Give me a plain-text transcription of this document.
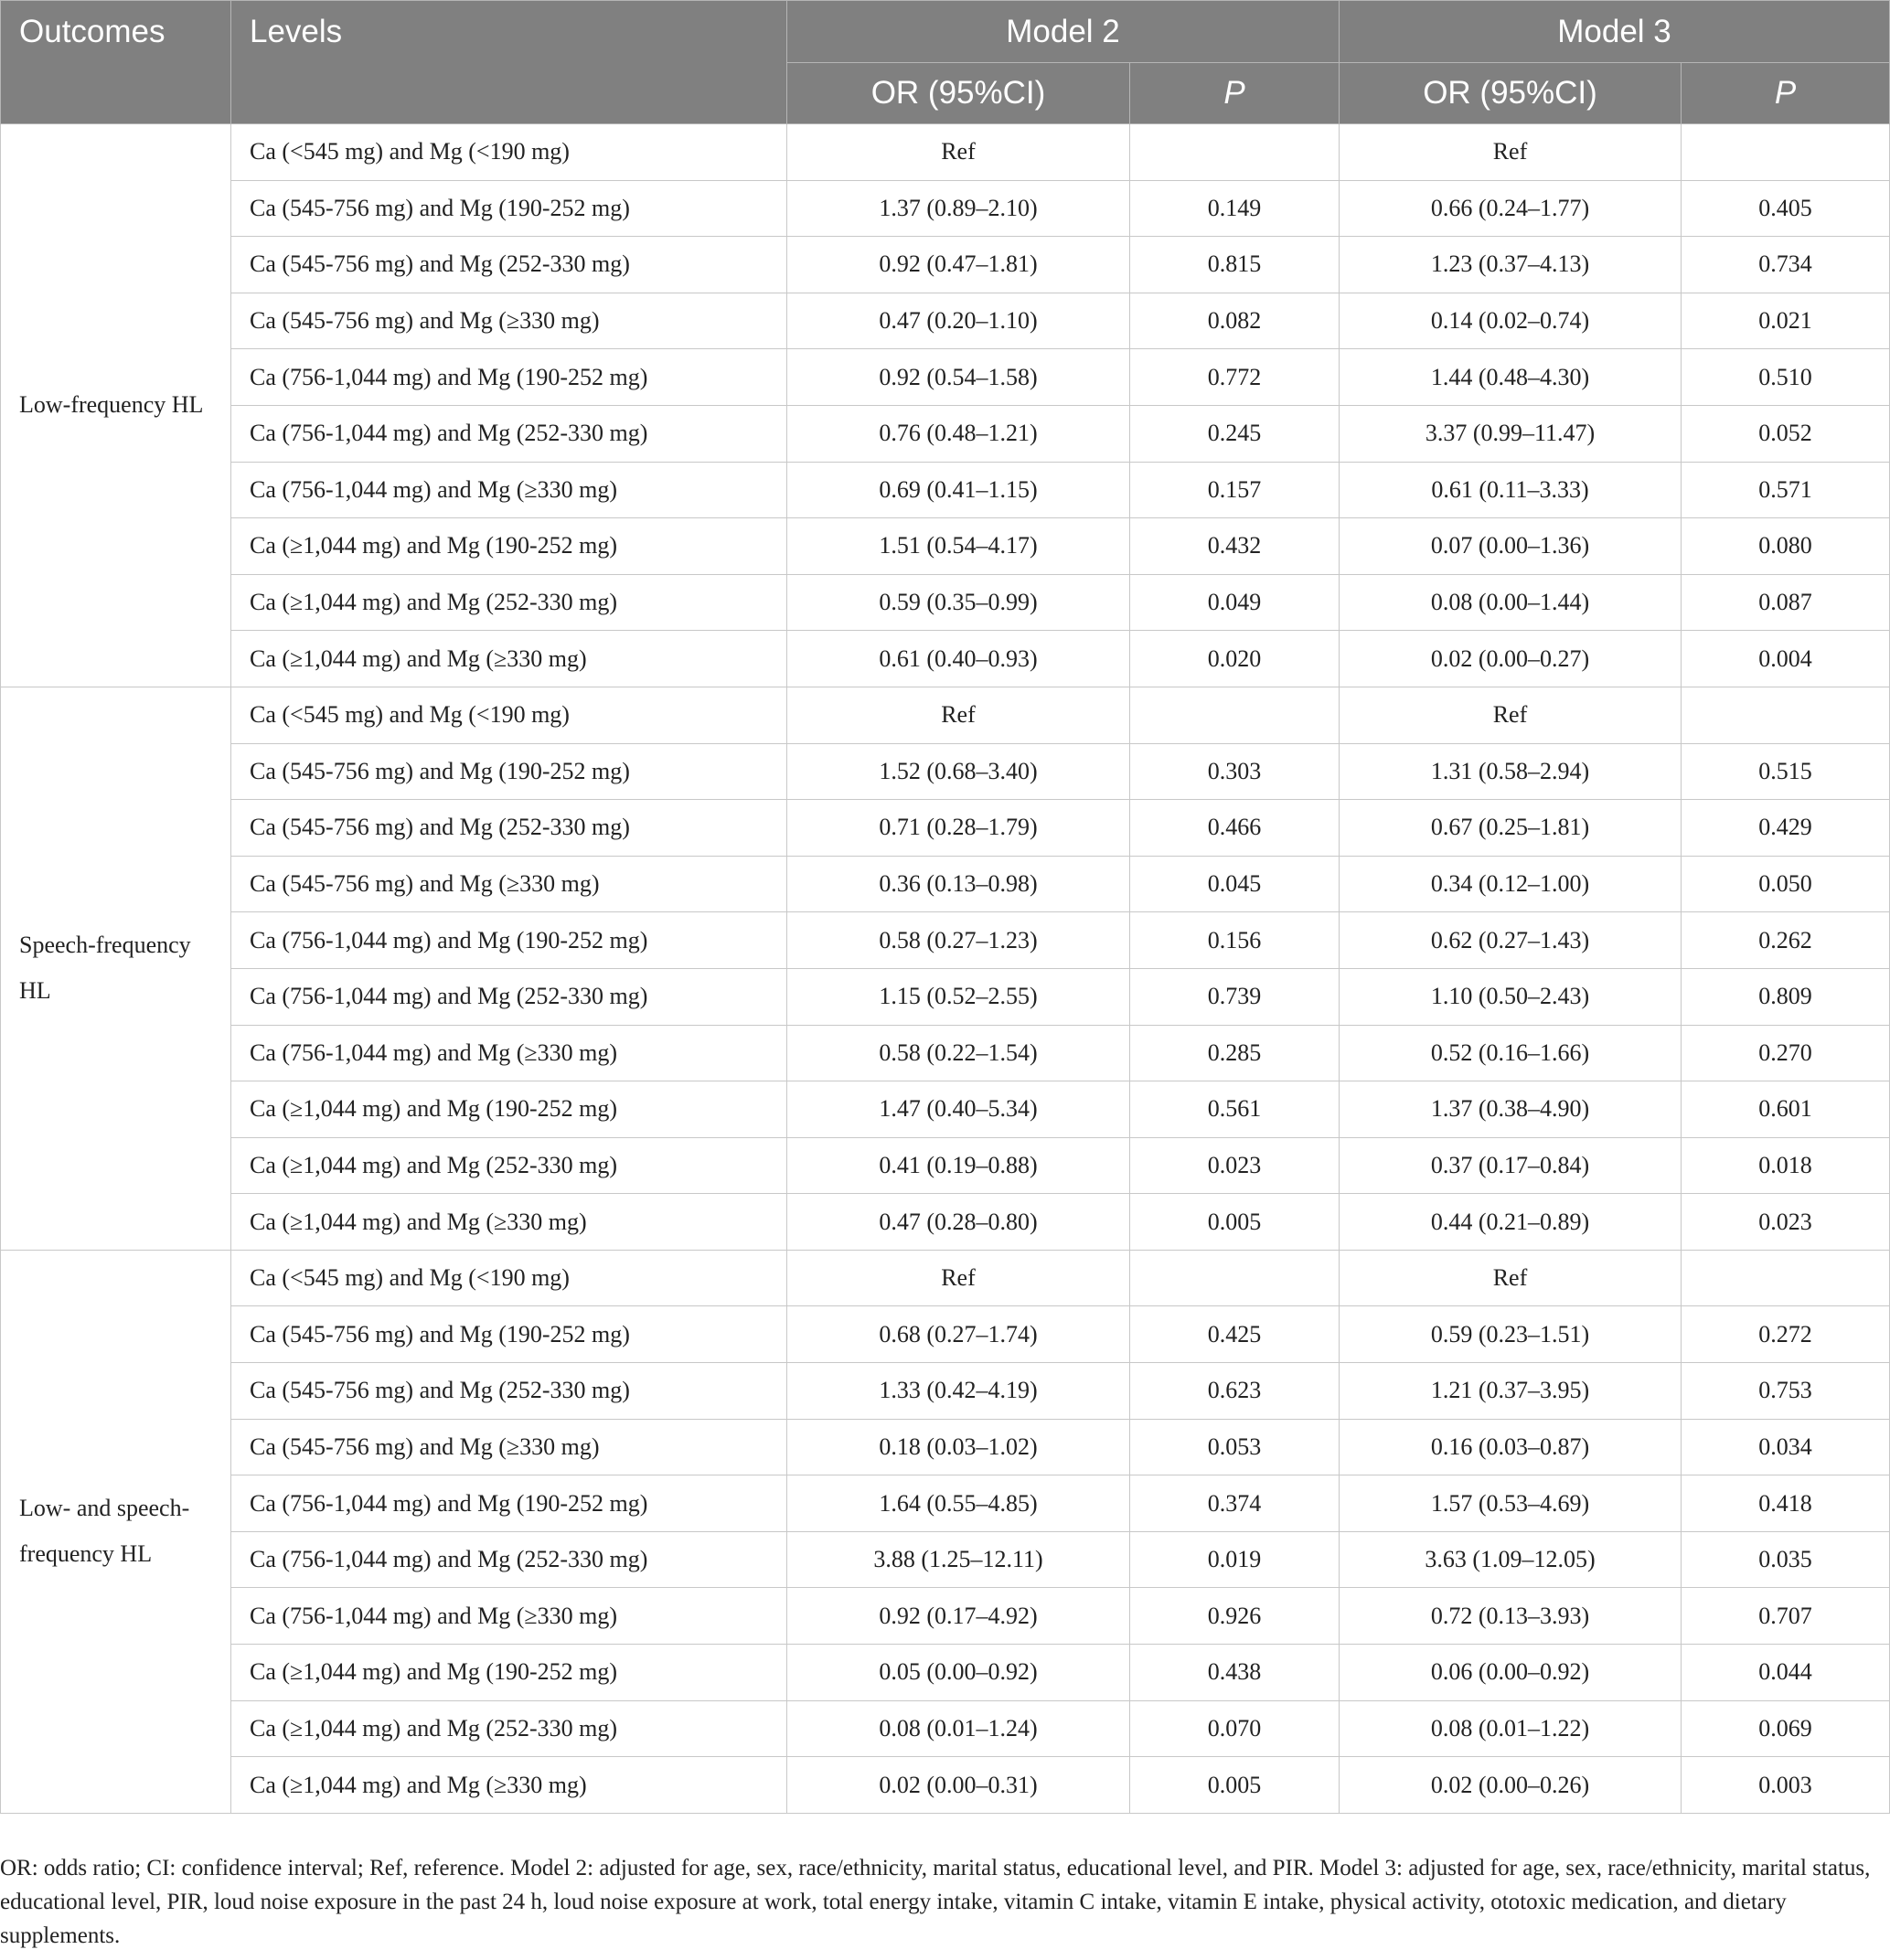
Outcomes	Levels	Model 2		Model 3	
		OR (95%CI)	P	OR (95%CI)	P
Low-frequency HL	Ca (<545 mg) and Mg (<190 mg)	Ref		Ref	
	Ca (545-756 mg) and Mg (190-252 mg)	1.37 (0.89–2.10)	0.149	0.66 (0.24–1.77)	0.405
	Ca (545-756 mg) and Mg (252-330 mg)	0.92 (0.47–1.81)	0.815	1.23 (0.37–4.13)	0.734
	Ca (545-756 mg) and Mg (≥330 mg)	0.47 (0.20–1.10)	0.082	0.14 (0.02–0.74)	0.021
	Ca (756-1,044 mg) and Mg (190-252 mg)	0.92 (0.54–1.58)	0.772	1.44 (0.48–4.30)	0.510
	Ca (756-1,044 mg) and Mg (252-330 mg)	0.76 (0.48–1.21)	0.245	3.37 (0.99–11.47)	0.052
	Ca (756-1,044 mg) and Mg (≥330 mg)	0.69 (0.41–1.15)	0.157	0.61 (0.11–3.33)	0.571
	Ca (≥1,044 mg) and Mg (190-252 mg)	1.51 (0.54–4.17)	0.432	0.07 (0.00–1.36)	0.080
	Ca (≥1,044 mg) and Mg (252-330 mg)	0.59 (0.35–0.99)	0.049	0.08 (0.00–1.44)	0.087
	Ca (≥1,044 mg) and Mg (≥330 mg)	0.61 (0.40–0.93)	0.020	0.02 (0.00–0.27)	0.004
Speech-frequency HL	Ca (<545 mg) and Mg (<190 mg)	Ref		Ref	
	Ca (545-756 mg) and Mg (190-252 mg)	1.52 (0.68–3.40)	0.303	1.31 (0.58–2.94)	0.515
	Ca (545-756 mg) and Mg (252-330 mg)	0.71 (0.28–1.79)	0.466	0.67 (0.25–1.81)	0.429
	Ca (545-756 mg) and Mg (≥330 mg)	0.36 (0.13–0.98)	0.045	0.34 (0.12–1.00)	0.050
	Ca (756-1,044 mg) and Mg (190-252 mg)	0.58 (0.27–1.23)	0.156	0.62 (0.27–1.43)	0.262
	Ca (756-1,044 mg) and Mg (252-330 mg)	1.15 (0.52–2.55)	0.739	1.10 (0.50–2.43)	0.809
	Ca (756-1,044 mg) and Mg (≥330 mg)	0.58 (0.22–1.54)	0.285	0.52 (0.16–1.66)	0.270
	Ca (≥1,044 mg) and Mg (190-252 mg)	1.47 (0.40–5.34)	0.561	1.37 (0.38–4.90)	0.601
	Ca (≥1,044 mg) and Mg (252-330 mg)	0.41 (0.19–0.88)	0.023	0.37 (0.17–0.84)	0.018
	Ca (≥1,044 mg) and Mg (≥330 mg)	0.47 (0.28–0.80)	0.005	0.44 (0.21–0.89)	0.023
Low- and speech-frequency HL	Ca (<545 mg) and Mg (<190 mg)	Ref		Ref	
	Ca (545-756 mg) and Mg (190-252 mg)	0.68 (0.27–1.74)	0.425	0.59 (0.23–1.51)	0.272
	Ca (545-756 mg) and Mg (252-330 mg)	1.33 (0.42–4.19)	0.623	1.21 (0.37–3.95)	0.753
	Ca (545-756 mg) and Mg (≥330 mg)	0.18 (0.03–1.02)	0.053	0.16 (0.03–0.87)	0.034
	Ca (756-1,044 mg) and Mg (190-252 mg)	1.64 (0.55–4.85)	0.374	1.57 (0.53–4.69)	0.418
	Ca (756-1,044 mg) and Mg (252-330 mg)	3.88 (1.25–12.11)	0.019	3.63 (1.09–12.05)	0.035
	Ca (756-1,044 mg) and Mg (≥330 mg)	0.92 (0.17–4.92)	0.926	0.72 (0.13–3.93)	0.707
	Ca (≥1,044 mg) and Mg (190-252 mg)	0.05 (0.00–0.92)	0.438	0.06 (0.00–0.92)	0.044
	Ca (≥1,044 mg) and Mg (252-330 mg)	0.08 (0.01–1.24)	0.070	0.08 (0.01–1.22)	0.069
	Ca (≥1,044 mg) and Mg (≥330 mg)	0.02 (0.00–0.31)	0.005	0.02 (0.00–0.26)	0.003

OR: odds ratio; CI: confidence interval; Ref, reference. Model 2: adjusted for age, sex, race/ethnicity, marital status, educational level, and PIR. Model 3: adjusted for age, sex, race/ethnicity, marital status, educational level, PIR, loud noise exposure in the past 24 h, loud noise exposure at work, total energy intake, vitamin C intake, vitamin E intake, physical activity, ototoxic medication, and dietary supplements.
